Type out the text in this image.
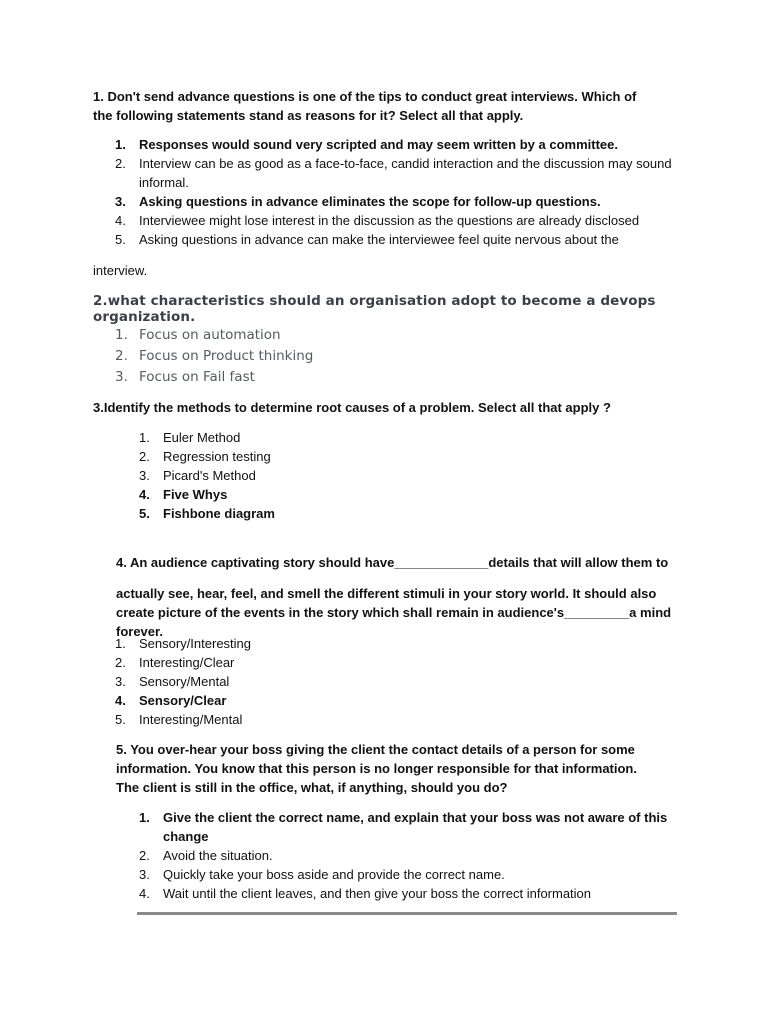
1. Don't send advance questions is one of the tips to conduct great interviews. Which of the following statements stand as reasons for it? Select all that apply.

1.	Responses would sound very scripted and may seem written by a committee.
2.	Interview can be as good as a face-to-face, candid interaction and the discussion may sound informal.
3.	Asking questions in advance eliminates the scope for follow-up questions.
4.	Interviewee might lose interest in the discussion as the questions are already disclosed
5.	Asking questions in advance can make the interviewee feel quite nervous about the
interview.
2.what characteristics should an organisation adopt to become a devops organization.
1. Focus on automation
2. Focus on Product thinking
3. Focus on Fail fast

3.Identify the methods to determine root causes of a problem. Select all that apply ?

1.	Euler Method
2.	Regression testing
3.	Picard's Method
4.	Five Whys
5.	Fishbone diagram

4. An audience captivating story should have_____________details that will allow them to

actually see, hear, feel, and smell the different stimuli in your story world. It should also create picture of the events in the story which shall remain in audience's_________a mind forever.

1.	Sensory/Interesting
2.	Interesting/Clear
3.	Sensory/Mental
4.	Sensory/Clear
5.	Interesting/Mental

5. You over-hear your boss giving the client the contact details of a person for some information. You know that this person is no longer responsible for that information. The client is still in the office, what, if anything, should you do?

1.	Give the client the correct name, and explain that your boss was not aware of this change
2.	Avoid the situation.
3.	Quickly take your boss aside and provide the correct name.
4.	Wait until the client leaves, and then give your boss the correct information
